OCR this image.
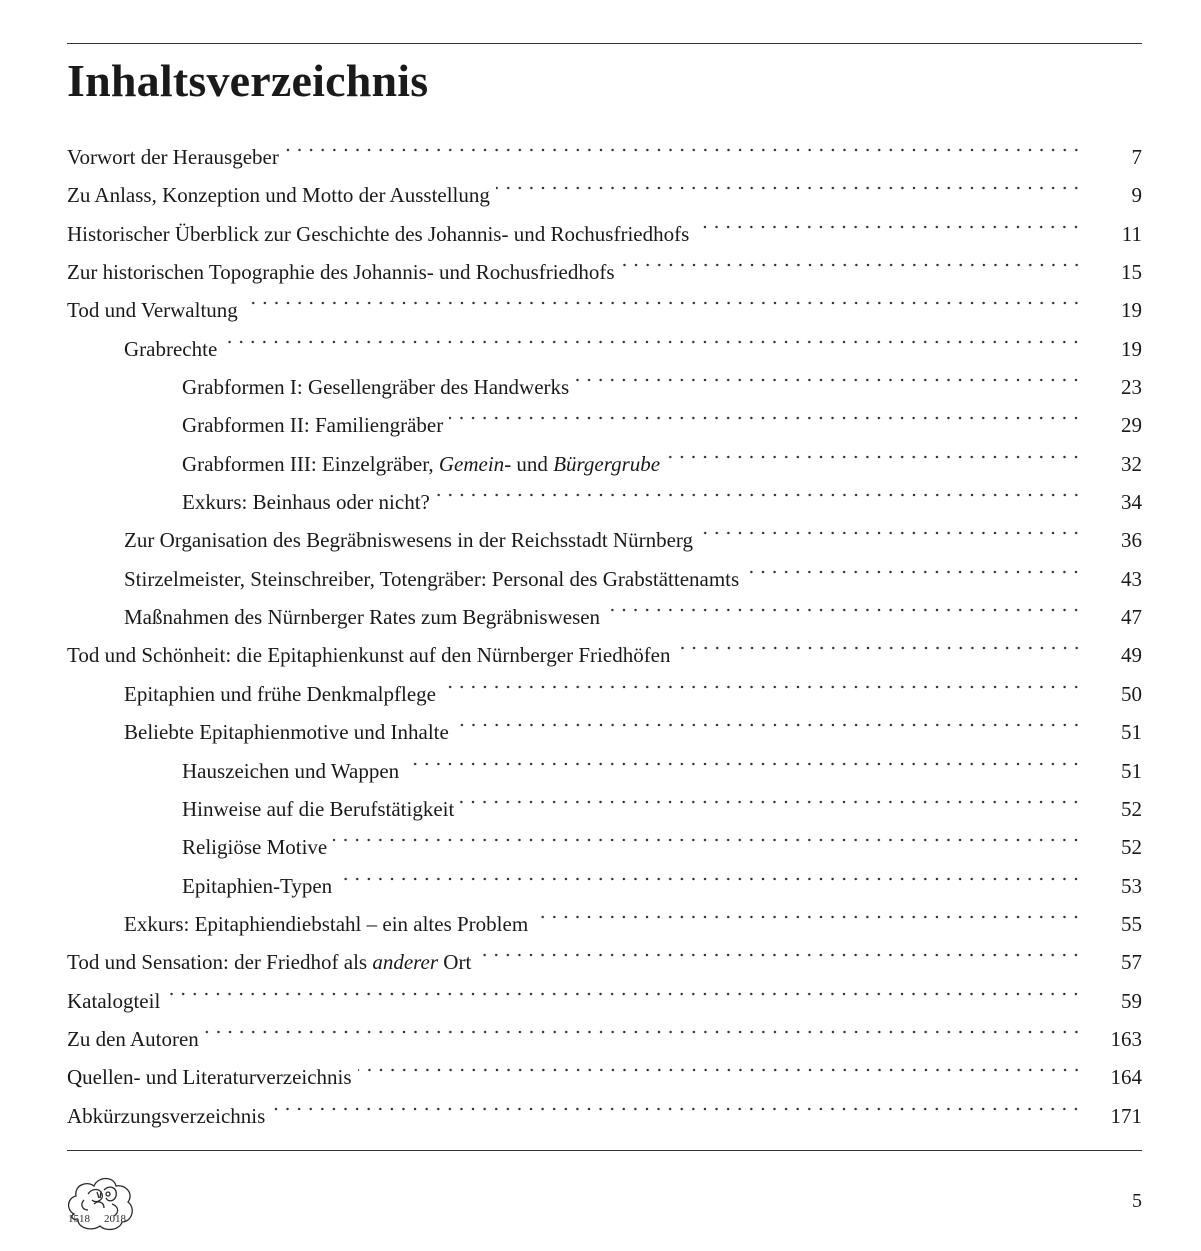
Inhaltsverzeichnis
Vorwort der Herausgeber	7
Zu Anlass, Konzeption und Motto der Ausstellung	9
Historischer Überblick zur Geschichte des Johannis- und Rochusfriedhofs	11
Zur historischen Topographie des Johannis- und Rochusfriedhofs	15
Tod und Verwaltung	19
Grabrechte	19
Grabformen I: Gesellengräber des Handwerks	23
Grabformen II: Familiengräber	29
Grabformen III: Einzelgräber, Gemein- und Bürgergrube	32
Exkurs: Beinhaus oder nicht?	34
Zur Organisation des Begräbniswesens in der Reichsstadt Nürnberg	36
Stirzelmeister, Steinschreiber, Totengräber: Personal des Grabstättenamts	43
Maßnahmen des Nürnberger Rates zum Begräbniswesen	47
Tod und Schönheit: die Epitaphienkunst auf den Nürnberger Friedhöfen	49
Epitaphien und frühe Denkmalpflege	50
Beliebte Epitaphienmotive und Inhalte	51
Hauszeichen und Wappen	51
Hinweise auf die Berufstätigkeit	52
Religiöse Motive	52
Epitaphien-Typen	53
Exkurs: Epitaphiendiebstahl – ein altes Problem	55
Tod und Sensation: der Friedhof als anderer Ort	57
Katalogteil	59
Zu den Autoren	163
Quellen- und Literaturverzeichnis	164
Abkürzungsverzeichnis	171
1518 2018
5
